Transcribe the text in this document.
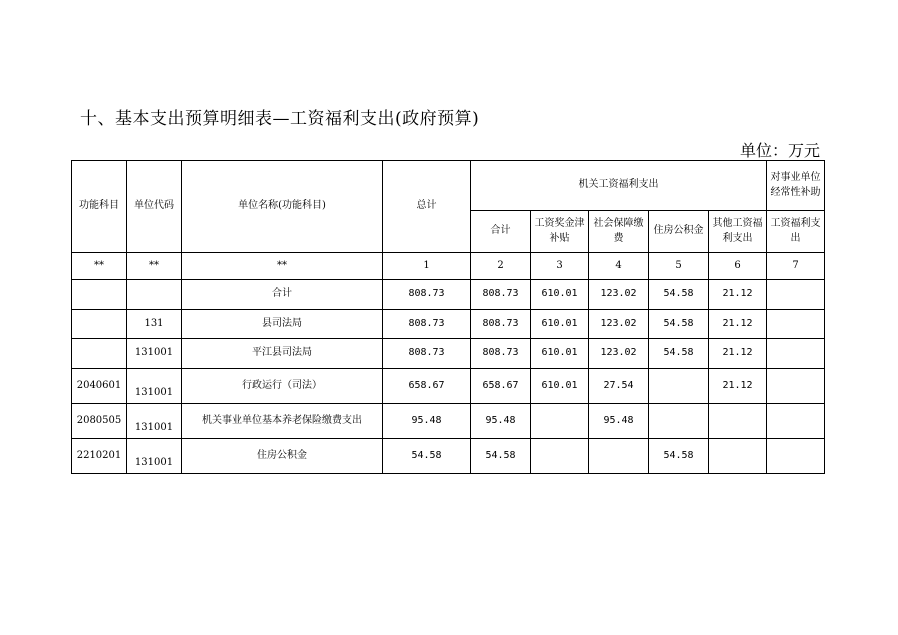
十、基本支出预算明细表—工资福利支出(政府预算)
单位：万元
功能科目	单位代码	单位名称(功能科目)	总计	机关工资福利支出					对事业单位经常性补助
				合计	工资奖金津补贴	社会保障缴费	住房公积金	其他工资福利支出	工资福利支出
**	**	**	1	2	3	4	5	6	7
		合计	808.73	808.73	610.01	123.02	54.58	21.12	
	131	县司法局	808.73	808.73	610.01	123.02	54.58	21.12	
	131001	平江县司法局	808.73	808.73	610.01	123.02	54.58	21.12	
2040601	131001	行政运行（司法）	658.67	658.67	610.01	27.54		21.12	
2080505	131001	机关事业单位基本养老保险缴费支出	95.48	95.48		95.48			
2210201	131001	住房公积金	54.58	54.58			54.58		
